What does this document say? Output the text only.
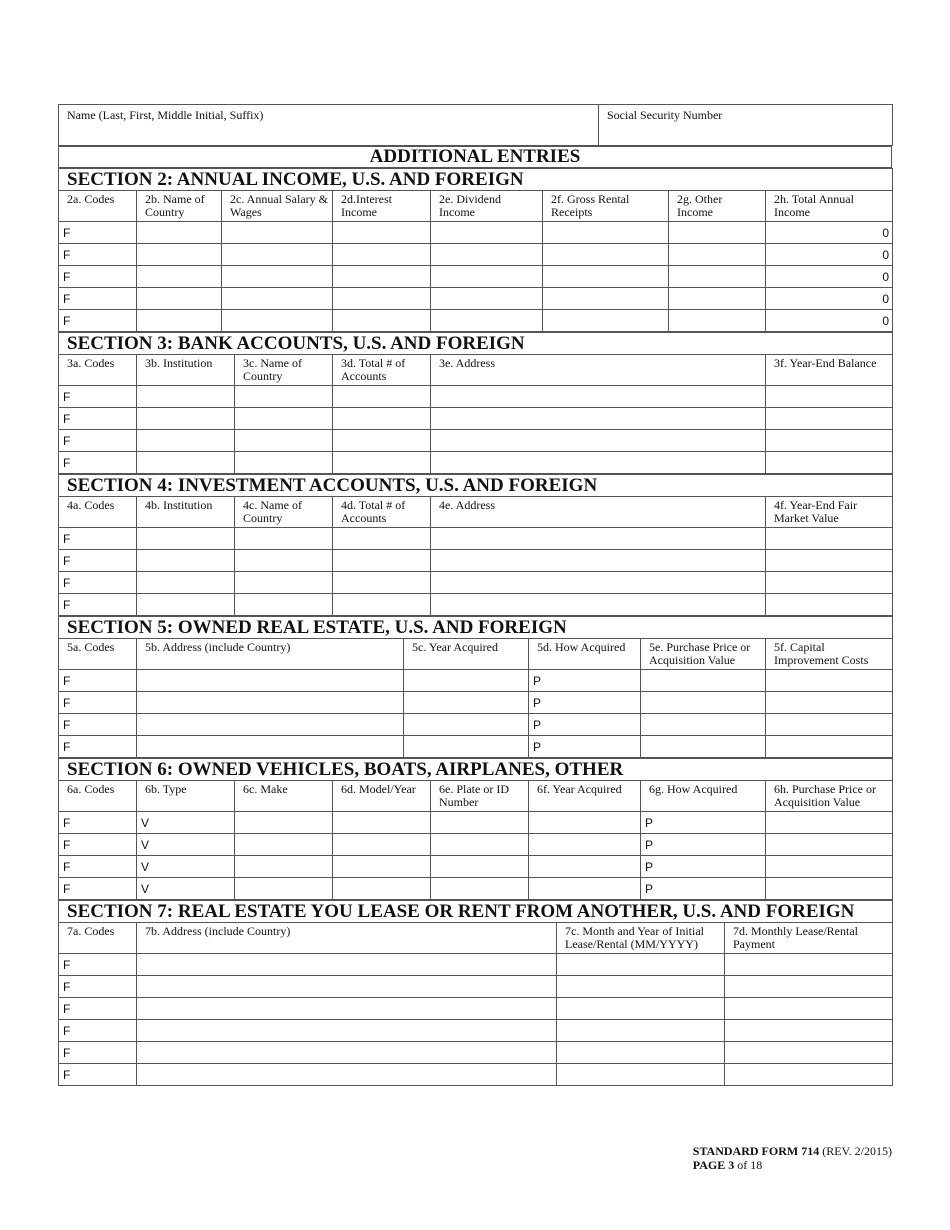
Name (Last, First, Middle Initial, Suffix)	Social Security Number
ADDITIONAL ENTRIES
SECTION 2: ANNUAL INCOME, U.S. AND FOREIGN							
2a. Codes	2b. Name of Country	2c. Annual Salary & Wages	2d.Interest Income	2e. Dividend Income	2f. Gross Rental Receipts	2g. Other Income	2h. Total Annual Income
F							0
F							0
F							0
F							0
F							0
SECTION 3: BANK ACCOUNTS, U.S. AND FOREIGN					
3a. Codes	3b. Institution	3c. Name of Country	3d. Total # of Accounts	3e. Address	3f. Year-End Balance
F					
F					
F					
F					
SECTION 4: INVESTMENT ACCOUNTS, U.S. AND FOREIGN					
4a. Codes	4b. Institution	4c. Name of Country	4d. Total # of Accounts	4e. Address	4f. Year-End Fair Market Value
F					
F					
F					
F					
SECTION 5: OWNED REAL ESTATE, U.S. AND FOREIGN					
5a. Codes	5b. Address (include Country)	5c. Year Acquired	5d. How Acquired	5e. Purchase Price or Acquisition Value	5f. Capital Improvement Costs
F			P		
F			P		
F			P		
F			P		
SECTION 6: OWNED VEHICLES, BOATS, AIRPLANES, OTHER							
6a. Codes	6b. Type	6c. Make	6d. Model/Year	6e. Plate or ID Number	6f. Year Acquired	6g. How Acquired	6h. Purchase Price or Acquisition Value
F	V					P	
F	V					P	
F	V					P	
F	V					P	
SECTION 7: REAL ESTATE YOU LEASE OR RENT FROM ANOTHER, U.S. AND FOREIGN			
7a. Codes	7b. Address (include Country)	7c. Month and Year of Initial Lease/Rental (MM/YYYY)	7d. Monthly Lease/Rental Payment
F			
F			
F			
F			
F			
F			
STANDARD FORM 714 (REV. 2/2015)
PAGE 3 of 18
